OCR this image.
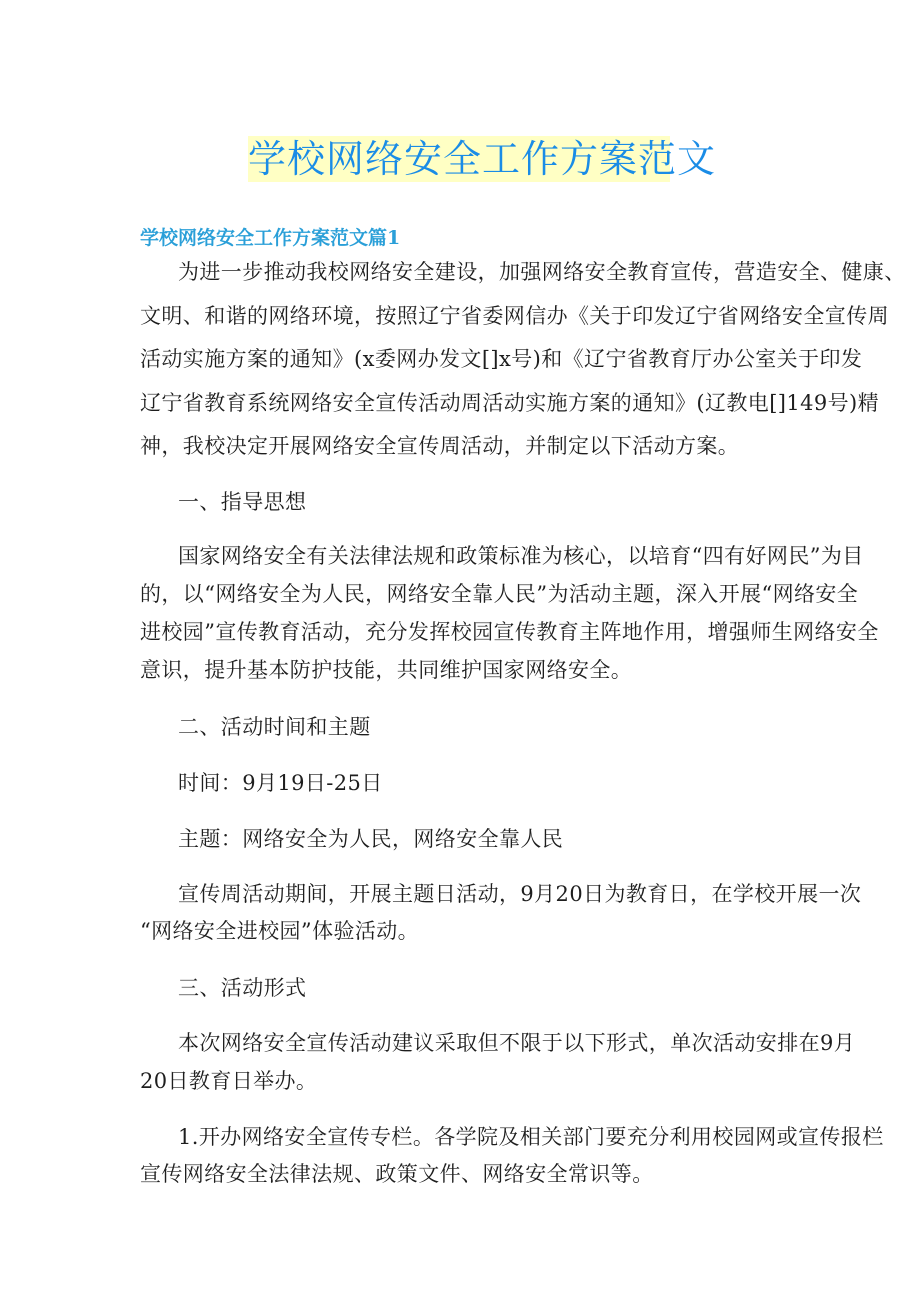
学校网络安全工作方案范文
学校网络安全工作方案范文篇1
为进一步推动我校网络安全建设，加强网络安全教育宣传，营造安全、健康、
文明、和谐的网络环境，按照辽宁省委网信办《关于印发辽宁省网络安全宣传周
活动实施方案的通知》(x委网办发文[]x号)和《辽宁省教育厅办公室关于印发
辽宁省教育系统网络安全宣传活动周活动实施方案的通知》(辽教电[]149号)精
神，我校决定开展网络安全宣传周活动，并制定以下活动方案。
一、指导思想
国家网络安全有关法律法规和政策标准为核心，以培育“四有好网民”为目
的，以“网络安全为人民，网络安全靠人民”为活动主题，深入开展“网络安全
进校园”宣传教育活动，充分发挥校园宣传教育主阵地作用，增强师生网络安全
意识，提升基本防护技能，共同维护国家网络安全。
二、活动时间和主题
时间：9月19日-25日
主题：网络安全为人民，网络安全靠人民
宣传周活动期间，开展主题日活动，9月20日为教育日，在学校开展一次
“网络安全进校园”体验活动。
三、活动形式
本次网络安全宣传活动建议采取但不限于以下形式，单次活动安排在9月
20日教育日举办。
1.开办网络安全宣传专栏。各学院及相关部门要充分利用校园网或宣传报栏
宣传网络安全法律法规、政策文件、网络安全常识等。
